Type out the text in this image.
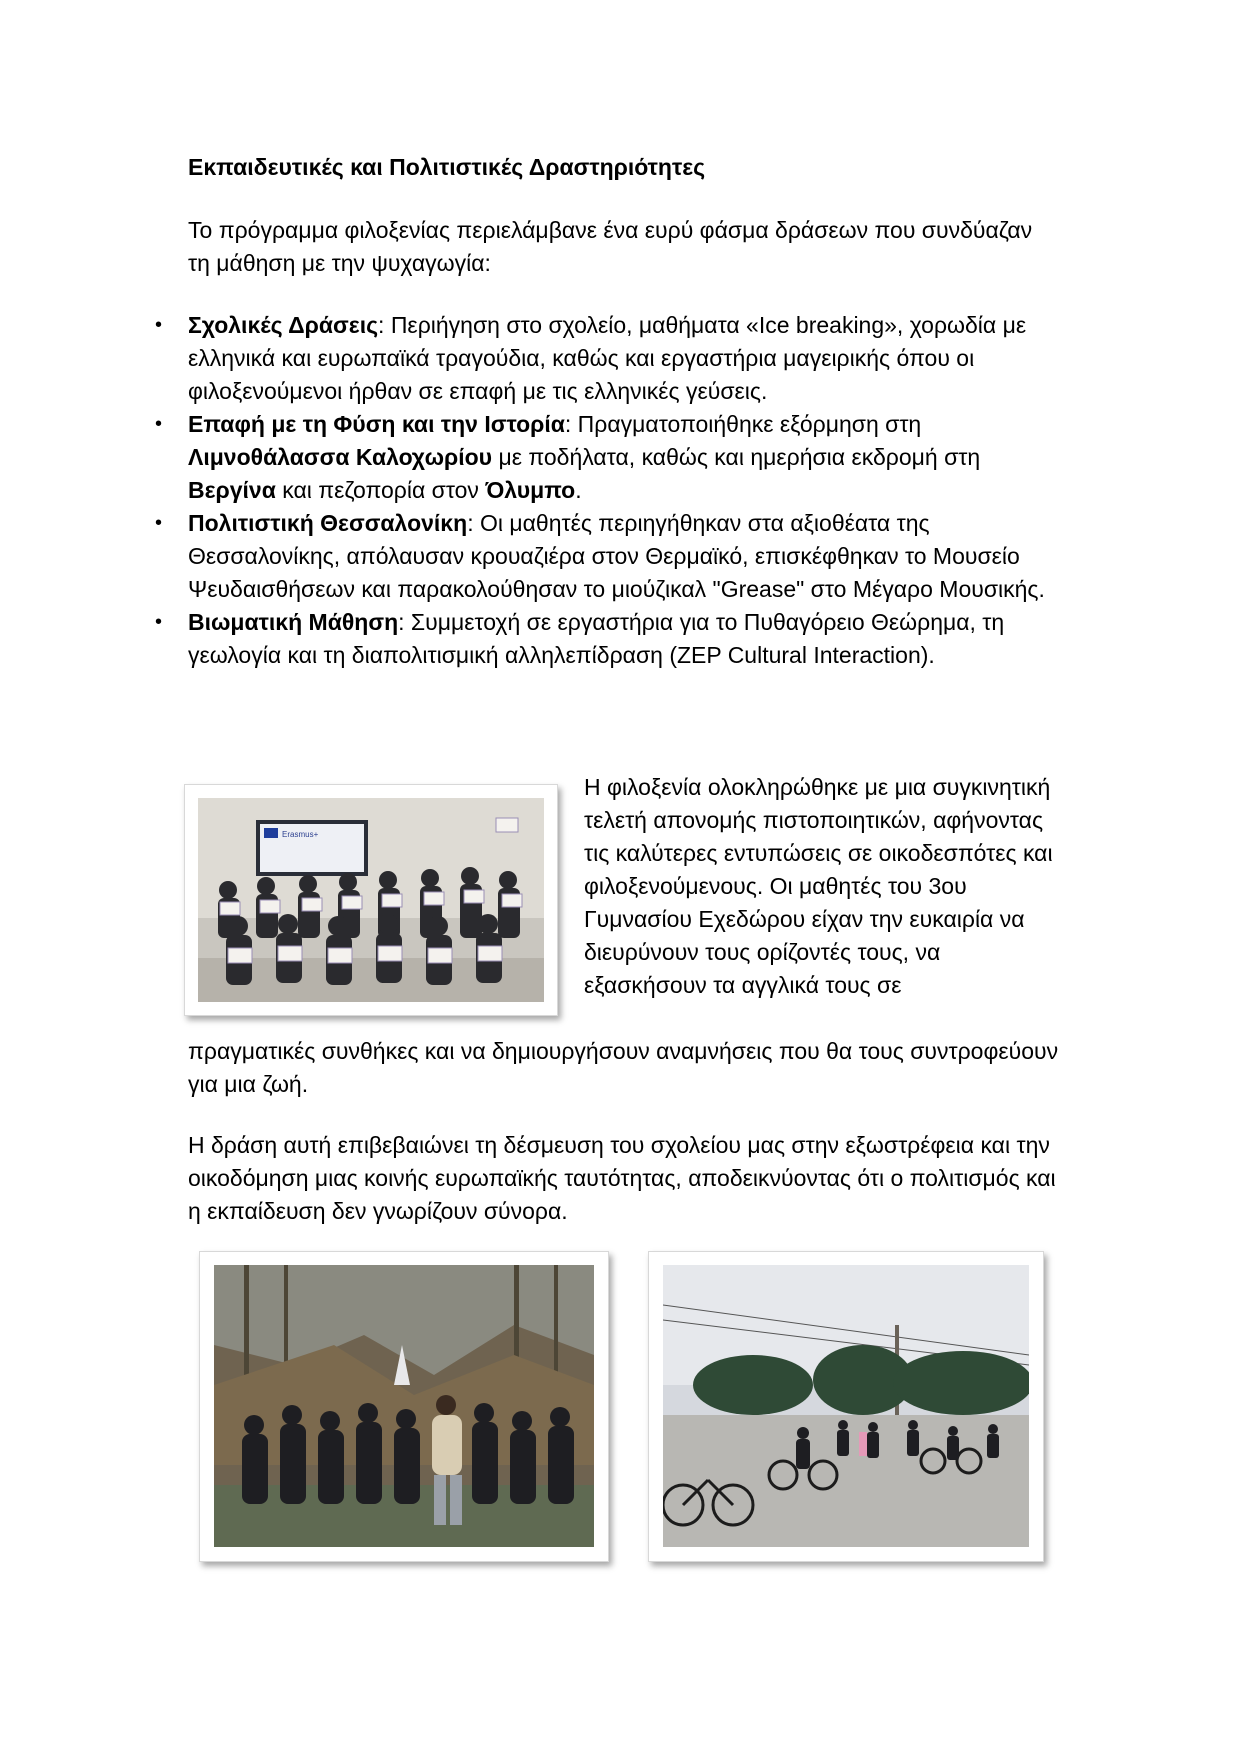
Εκπαιδευτικές και Πολιτιστικές Δραστηριότητες
Το πρόγραμμα φιλοξενίας περιελάμβανε ένα ευρύ φάσμα δράσεων που συνδύαζαν τη μάθηση με την ψυχαγωγία:
• Σχολικές Δράσεις: Περιήγηση στο σχολείο, μαθήματα «Ice breaking», χορωδία με ελληνικά και ευρωπαϊκά τραγούδια, καθώς και εργαστήρια μαγειρικής όπου οι φιλοξενούμενοι ήρθαν σε επαφή με τις ελληνικές γεύσεις.
• Επαφή με τη Φύση και την Ιστορία: Πραγματοποιήθηκε εξόρμηση στη Λιμνοθάλασσα Καλοχωρίου με ποδήλατα, καθώς και ημερήσια εκδρομή στη Βεργίνα και πεζοπορία στον Όλυμπο.
• Πολιτιστική Θεσσαλονίκη: Οι μαθητές περιηγήθηκαν στα αξιοθέατα της Θεσσαλονίκης, απόλαυσαν κρουαζιέρα στον Θερμαϊκό, επισκέφθηκαν το Μουσείο Ψευδαισθήσεων και παρακολούθησαν το μιούζικαλ "Grease" στο Μέγαρο Μουσικής.
• Βιωματική Μάθηση: Συμμετοχή σε εργαστήρια για το Πυθαγόρειο Θεώρημα, τη γεωλογία και τη διαπολιτισμική αλληλεπίδραση (ZEP Cultural Interaction).
Erasmus+
Η φιλοξενία ολοκληρώθηκε με μια συγκινητική τελετή απονομής πιστοποιητικών, αφήνοντας τις καλύτερες εντυπώσεις σε οικοδεσπότες και φιλοξενούμενους. Οι μαθητές του 3ου Γυμνασίου Εχεδώρου είχαν την ευκαιρία να διευρύνουν τους ορίζοντές τους, να εξασκήσουν τα αγγλικά τους σε
πραγματικές συνθήκες και να δημιουργήσουν αναμνήσεις που θα τους συντροφεύουν για μια ζωή.
Η δράση αυτή επιβεβαιώνει τη δέσμευση του σχολείου μας στην εξωστρέφεια και την οικοδόμηση μιας κοινής ευρωπαϊκής ταυτότητας, αποδεικνύοντας ότι ο πολιτισμός και η εκπαίδευση δεν γνωρίζουν σύνορα.
